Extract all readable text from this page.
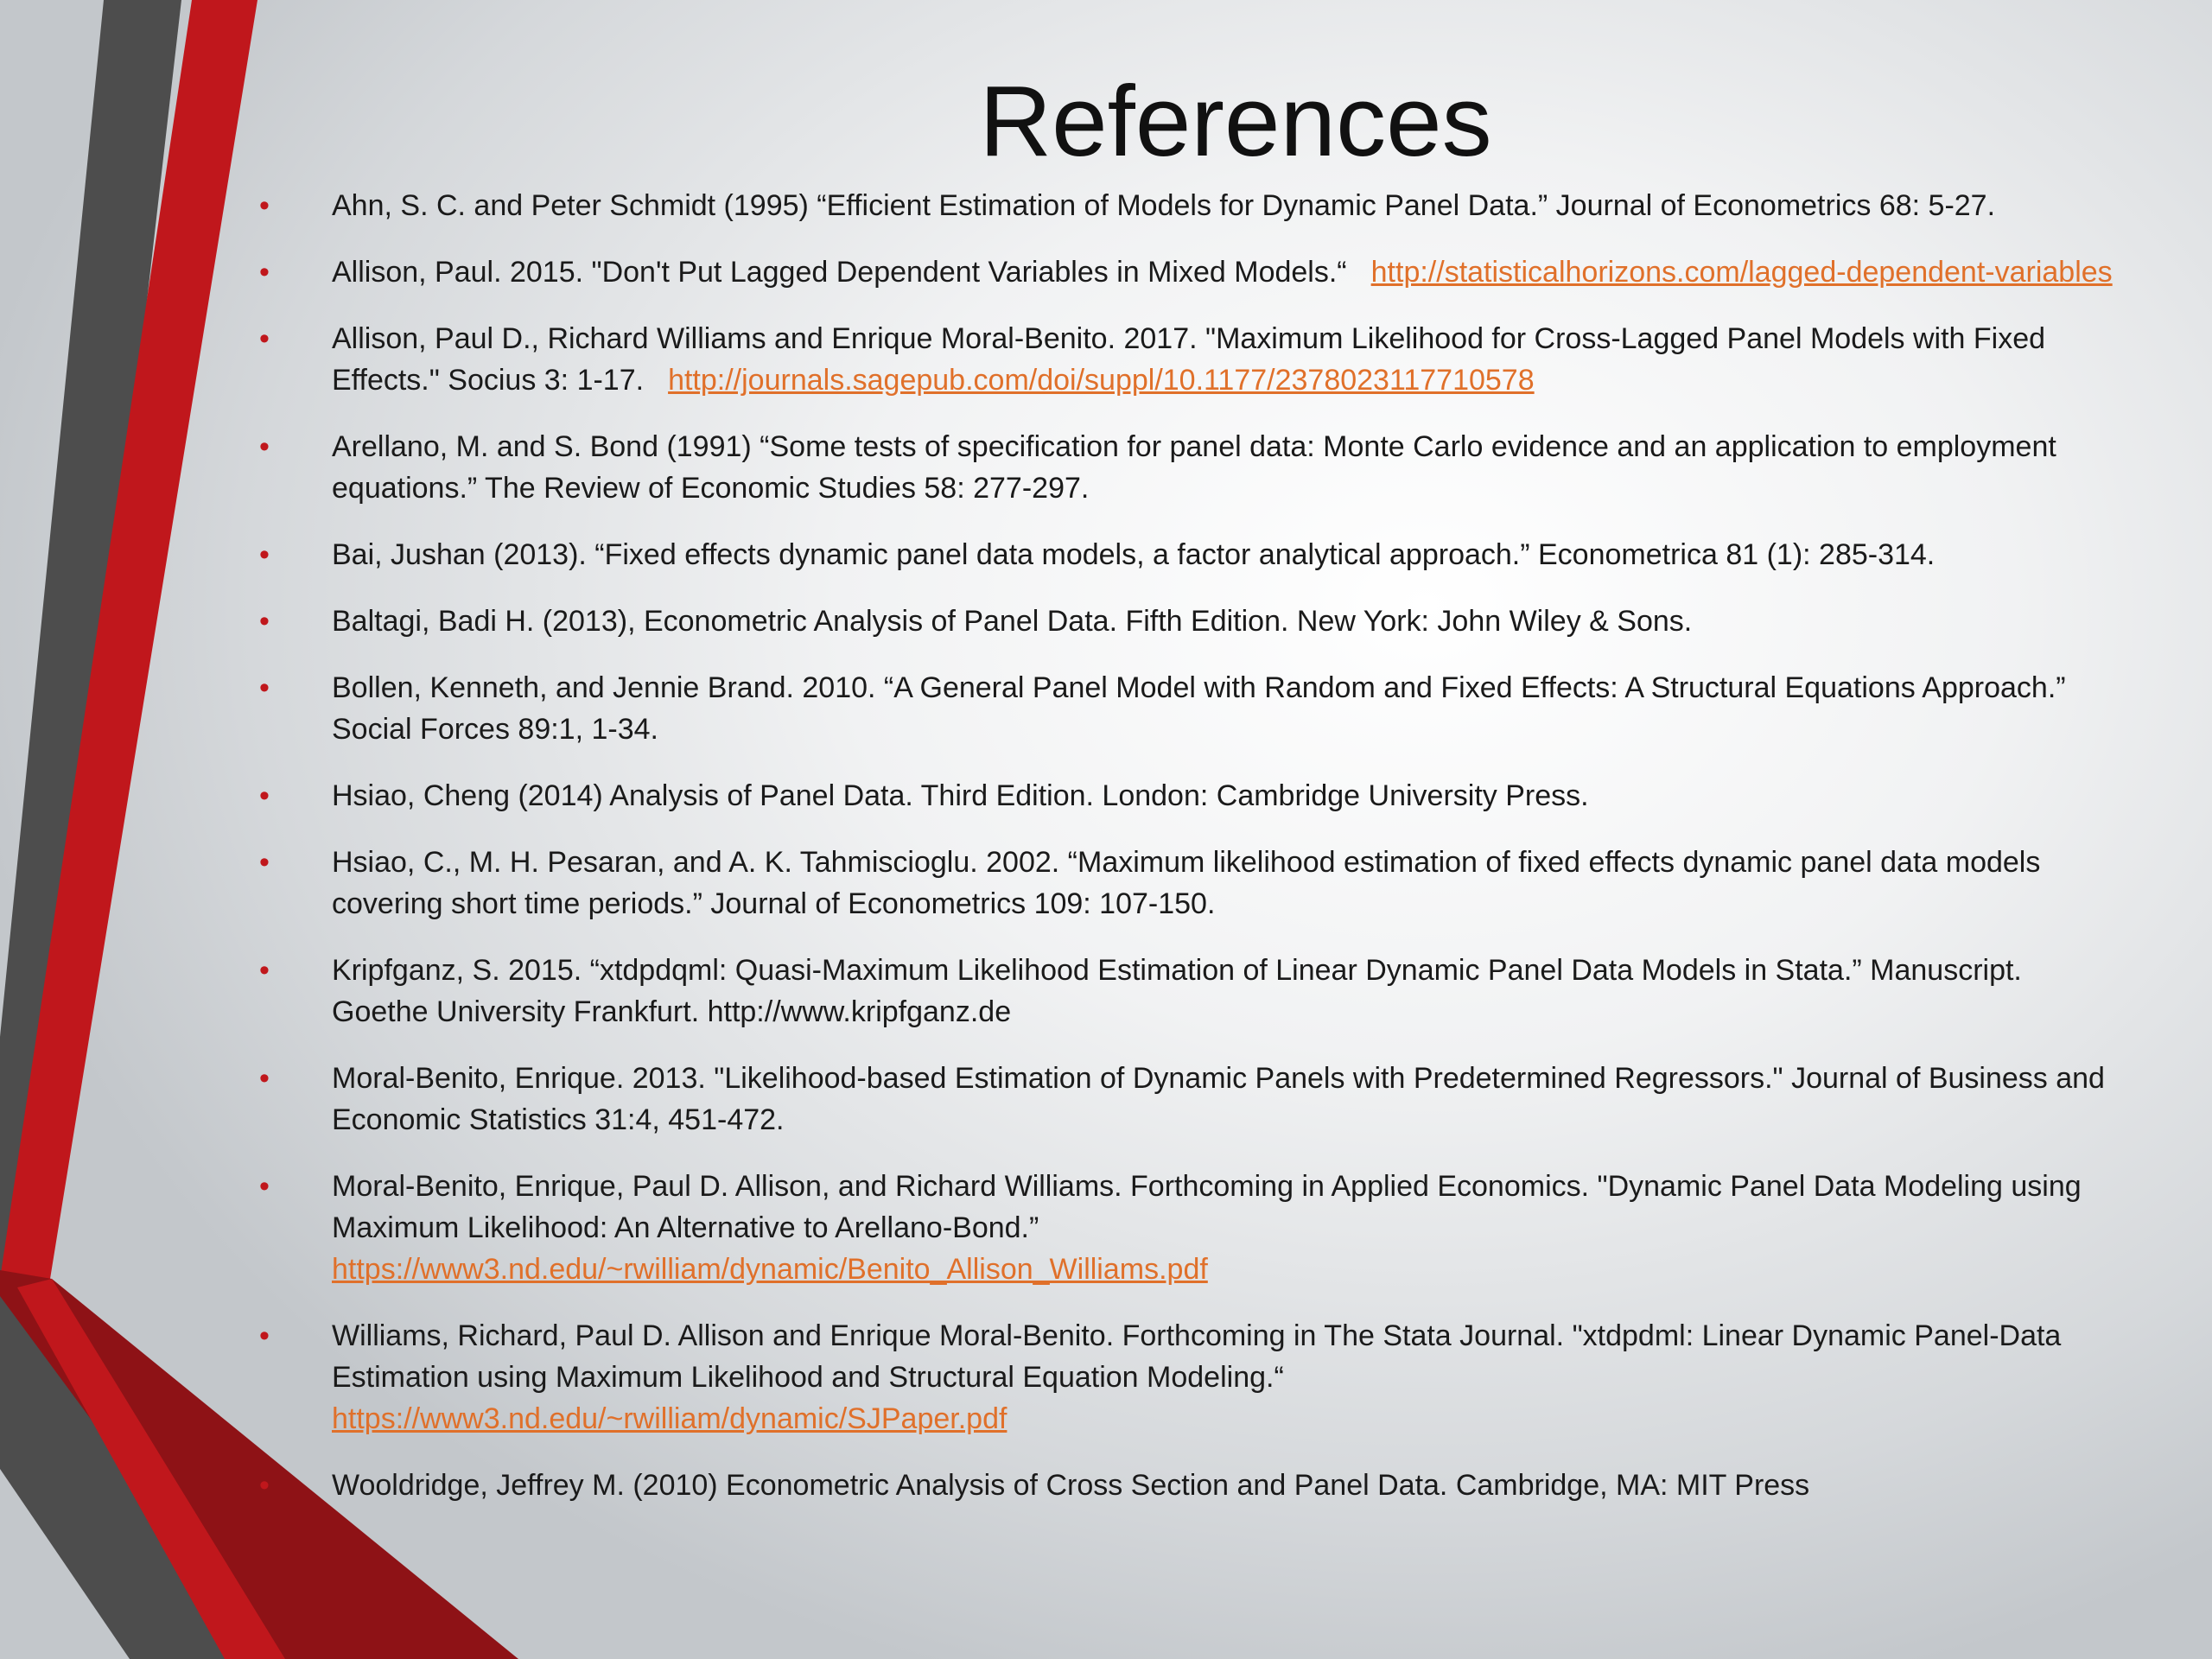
References
• Ahn, S. C. and Peter Schmidt (1995) “Efficient Estimation of Models for Dynamic Panel Data.” Journal of Econometrics 68: 5-27.
• Allison, Paul. 2015. "Don't Put Lagged Dependent Variables in Mixed Models.“ http://statisticalhorizons.com/lagged-dependent-variables
• Allison, Paul D., Richard Williams and Enrique Moral-Benito. 2017. "Maximum Likelihood for Cross-Lagged Panel Models with Fixed Effects." Socius 3: 1-17. http://journals.sagepub.com/doi/suppl/10.1177/2378023117710578
• Arellano, M. and S. Bond (1991) “Some tests of specification for panel data: Monte Carlo evidence and an application to employment equations.” The Review of Economic Studies 58: 277-297.
• Bai, Jushan (2013). “Fixed effects dynamic panel data models, a factor analytical approach.” Econometrica 81 (1): 285-314.
• Baltagi, Badi H. (2013), Econometric Analysis of Panel Data. Fifth Edition. New York: John Wiley & Sons.
• Bollen, Kenneth, and Jennie Brand. 2010. “A General Panel Model with Random and Fixed Effects: A Structural Equations Approach.” Social Forces 89:1, 1-34.
• Hsiao, Cheng (2014) Analysis of Panel Data. Third Edition. London: Cambridge University Press.
• Hsiao, C., M. H. Pesaran, and A. K. Tahmiscioglu. 2002. “Maximum likelihood estimation of fixed effects dynamic panel data models covering short time periods.” Journal of Econometrics 109: 107-150.
• Kripfganz, S. 2015. “xtdpdqml: Quasi-Maximum Likelihood Estimation of Linear Dynamic Panel Data Models in Stata.” Manuscript. Goethe University Frankfurt. http://www.kripfganz.de
• Moral-Benito, Enrique. 2013. "Likelihood-based Estimation of Dynamic Panels with Predetermined Regressors." Journal of Business and Economic Statistics 31:4, 451-472.
• Moral-Benito, Enrique, Paul D. Allison, and Richard Williams. Forthcoming in Applied Economics. "Dynamic Panel Data Modeling using Maximum Likelihood: An Alternative to Arellano-Bond.”
https://www3.nd.edu/~rwilliam/dynamic/Benito_Allison_Williams.pdf
• Williams, Richard, Paul D. Allison and Enrique Moral-Benito. Forthcoming in The Stata Journal. "xtdpdml: Linear Dynamic Panel-Data Estimation using Maximum Likelihood and Structural Equation Modeling.“
https://www3.nd.edu/~rwilliam/dynamic/SJPaper.pdf
• Wooldridge, Jeffrey M. (2010) Econometric Analysis of Cross Section and Panel Data. Cambridge, MA: MIT Press
